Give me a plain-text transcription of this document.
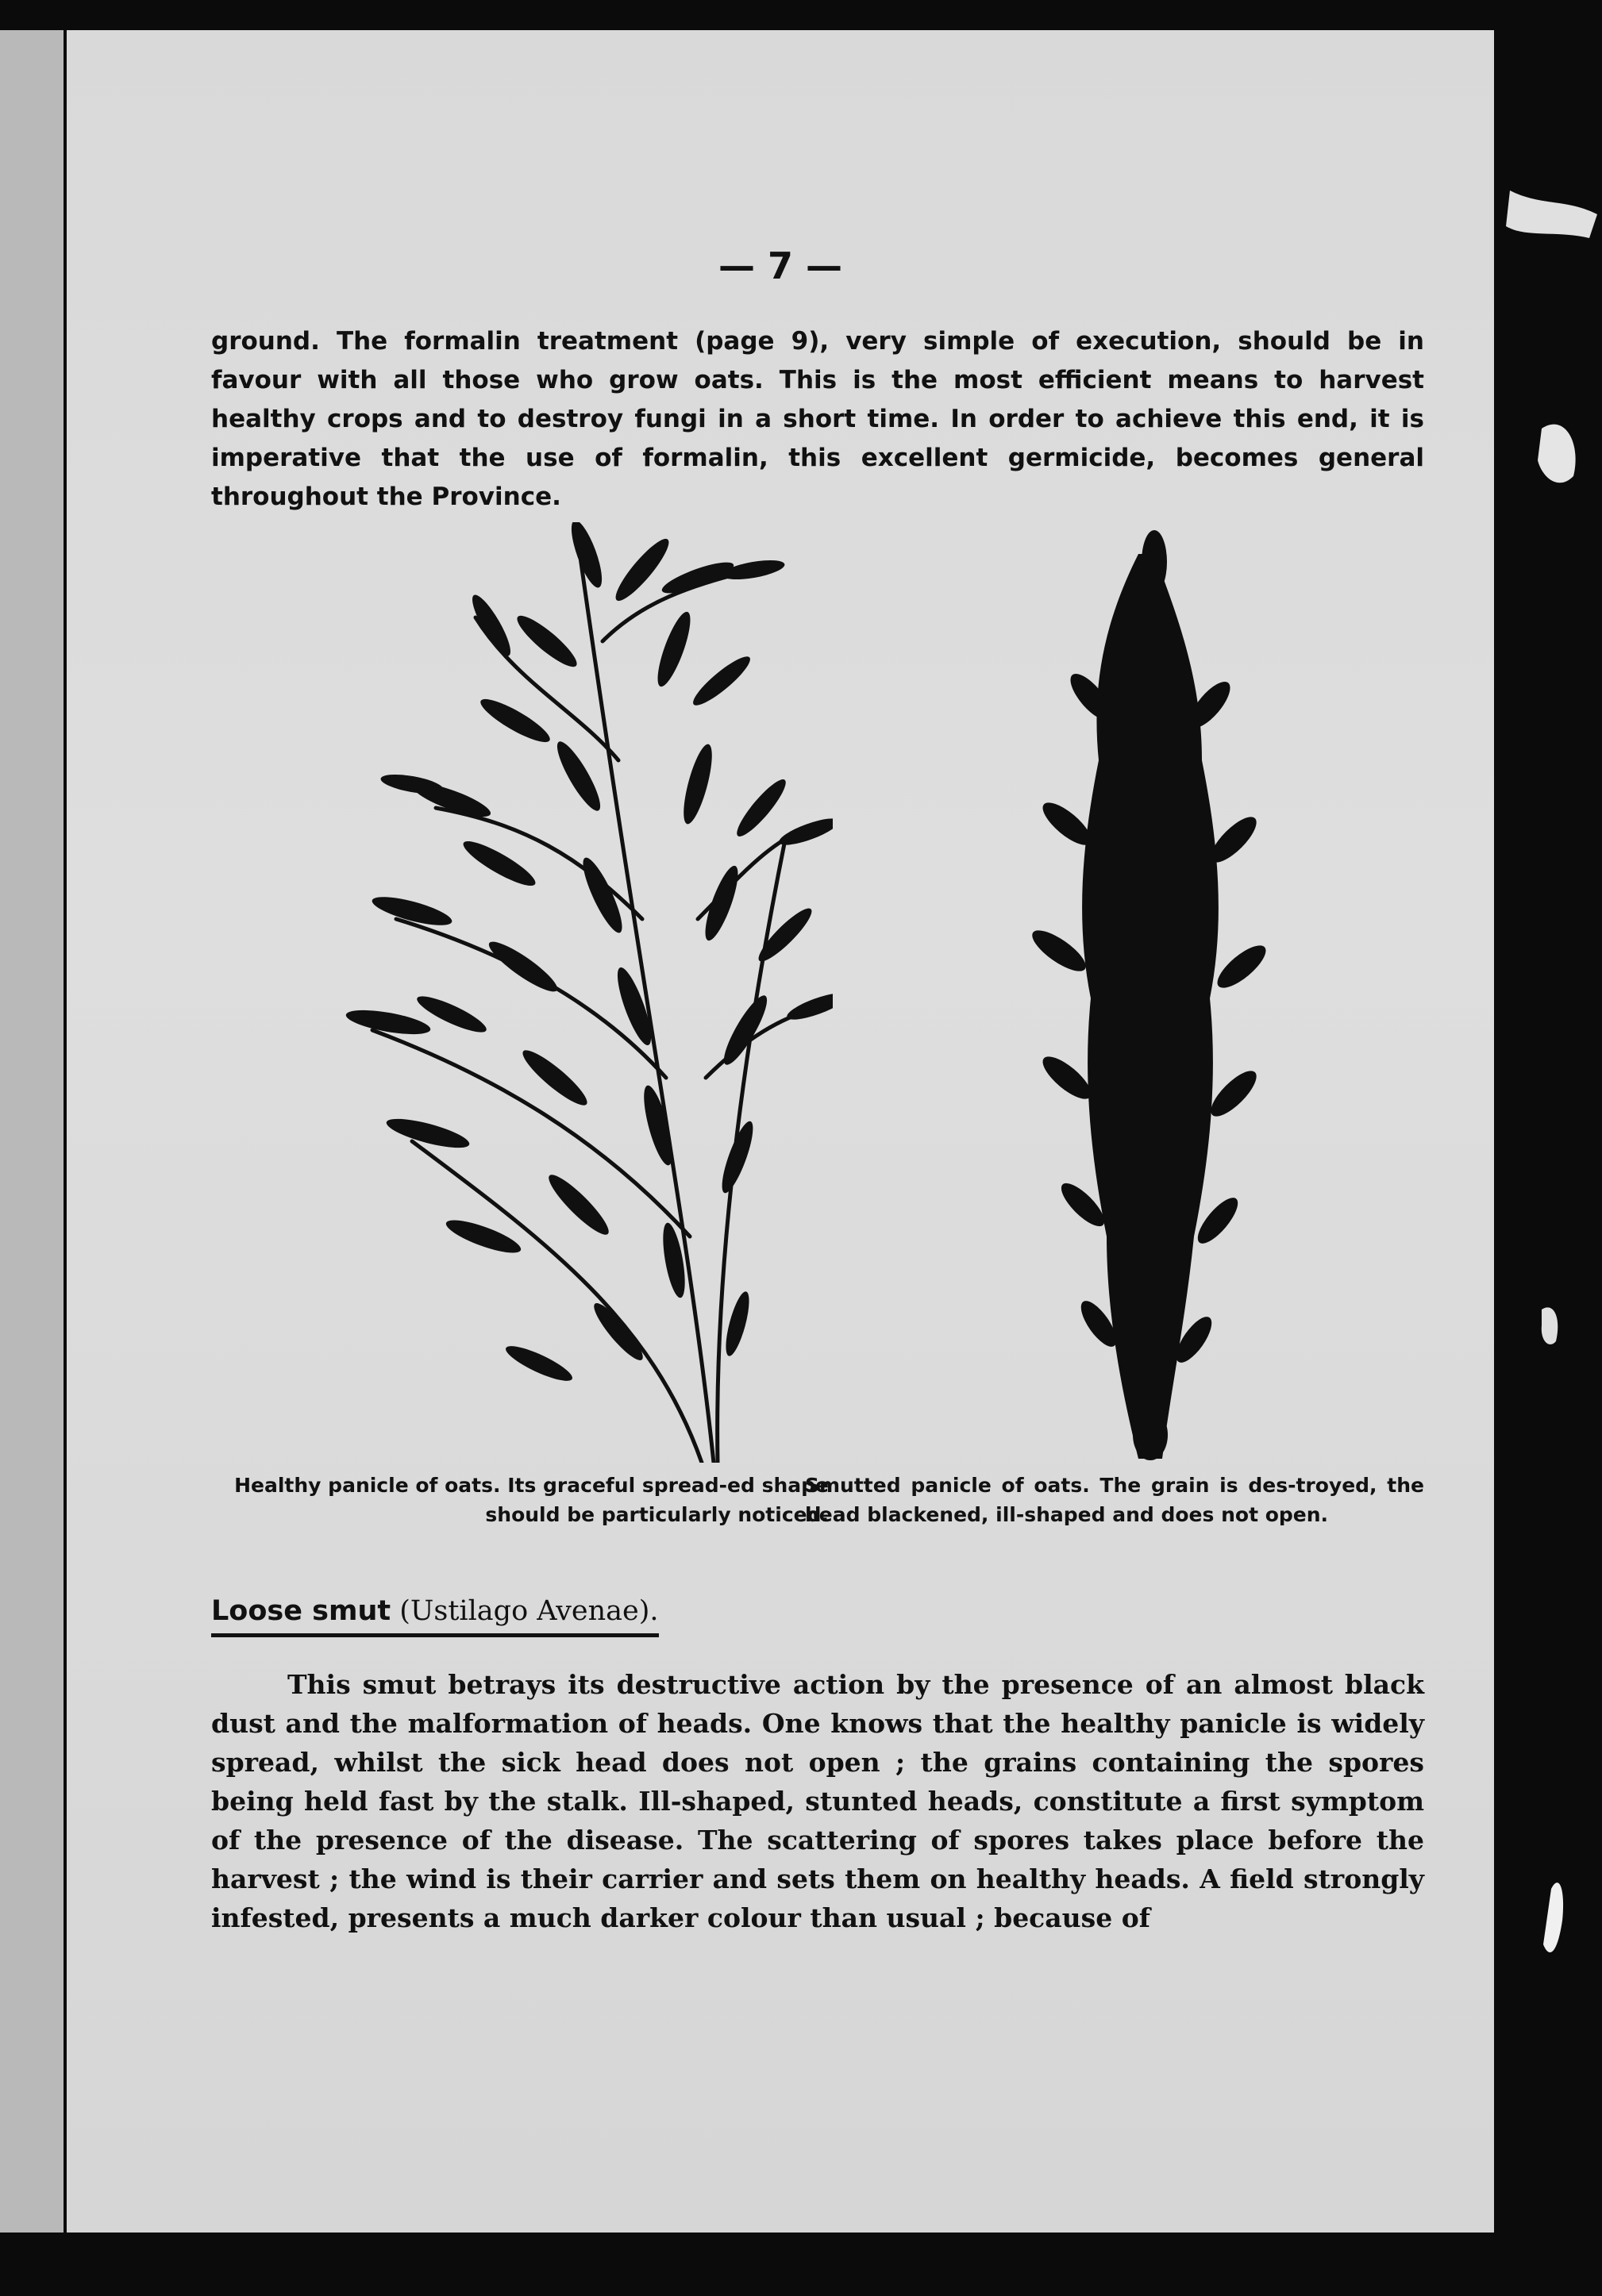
— 7 —
ground. The formalin treatment (page 9), very simple of execution, should be in favour with all those who grow oats. This is the most efficient means to harvest healthy crops and to destroy fungi in a short time. In order to achieve this end, it is imperative that the use of formalin, this excellent germicide, becomes general throughout the Province.
Healthy panicle of oats. Its graceful spread-ed shape should be particularly noticed.
Smutted panicle of oats. The grain is des-troyed, the head blackened, ill-shaped and does not open.
Loose smut (Ustilago Avenae).
This smut betrays its destructive action by the presence of an almost black dust and the malformation of heads. One knows that the healthy panicle is widely spread, whilst the sick head does not open ; the grains containing the spores being held fast by the stalk. Ill-shaped, stunted heads, constitute a first symptom of the presence of the disease. The scattering of spores takes place before the harvest ; the wind is their carrier and sets them on healthy heads. A field strongly infested, presents a much darker colour than usual ; because of
